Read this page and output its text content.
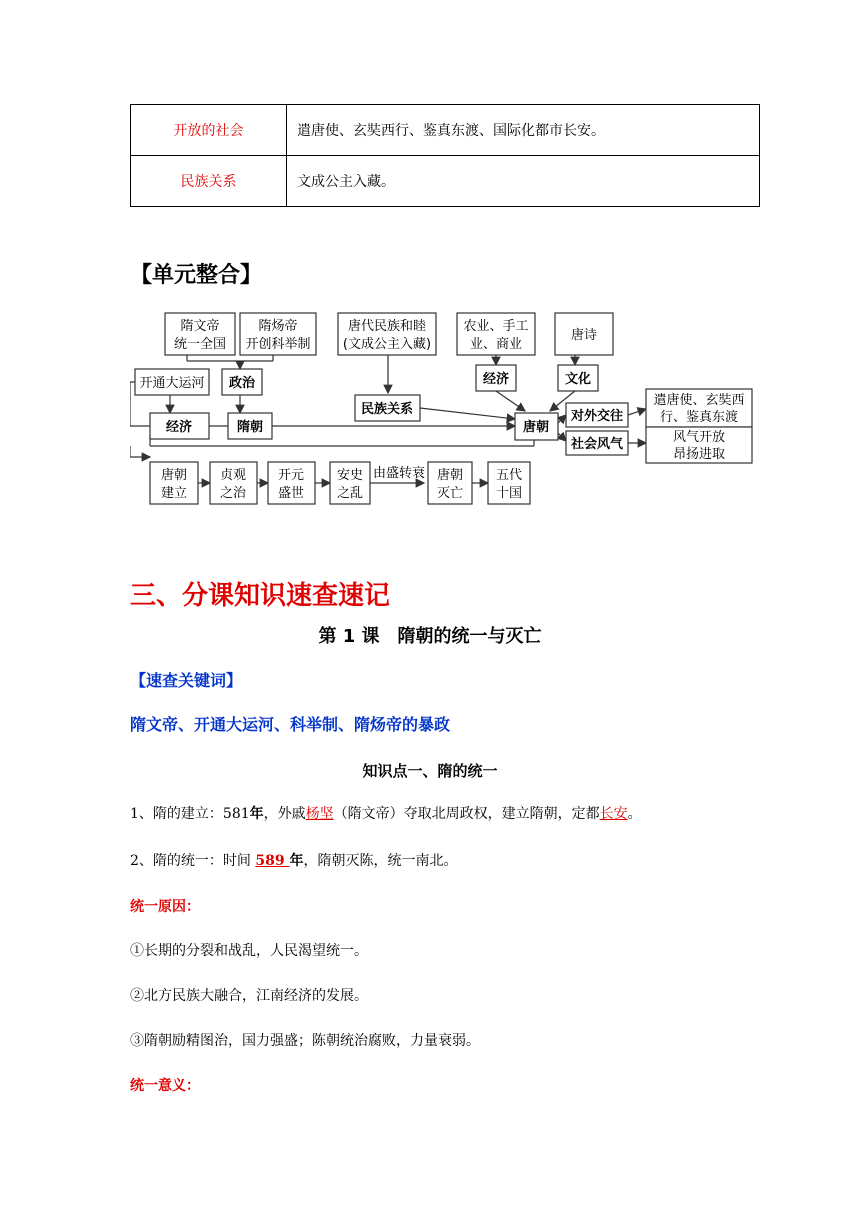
开放的社会	遣唐使、玄奘西行、鉴真东渡、国际化都市长安。
民族关系	文成公主入藏。
【单元整合】
隋文帝
统一全国
隋炀帝
开创科举制
唐代民族和睦
(文成公主入藏)
农业、手工
业、商业
唐诗
开通大运河 政治
民族关系
经济	文化
经济	隋朝	唐朝
对外交往
社会风气
遣唐使、玄奘西
行、鉴真东渡
风气开放
昂扬进取
唐朝
建立
贞观
之治
开元
盛世
安史
之乱
由盛转衰 唐朝
灭亡
五代
十国
三、分课知识速查速记
第 1 课　隋朝的统一与灭亡
【速查关键词】
隋文帝、开通大运河、科举制、隋炀帝的暴政
知识点一、隋的统一
1、隋的建立：581年，外戚杨坚（隋文帝）夺取北周政权，建立隋朝，定都长安。
2、隋的统一：时间 589 年，隋朝灭陈，统一南北。
统一原因：
①长期的分裂和战乱，人民渴望统一。
②北方民族大融合，江南经济的发展。
③隋朝励精图治，国力强盛；陈朝统治腐败，力量衰弱。
统一意义：
